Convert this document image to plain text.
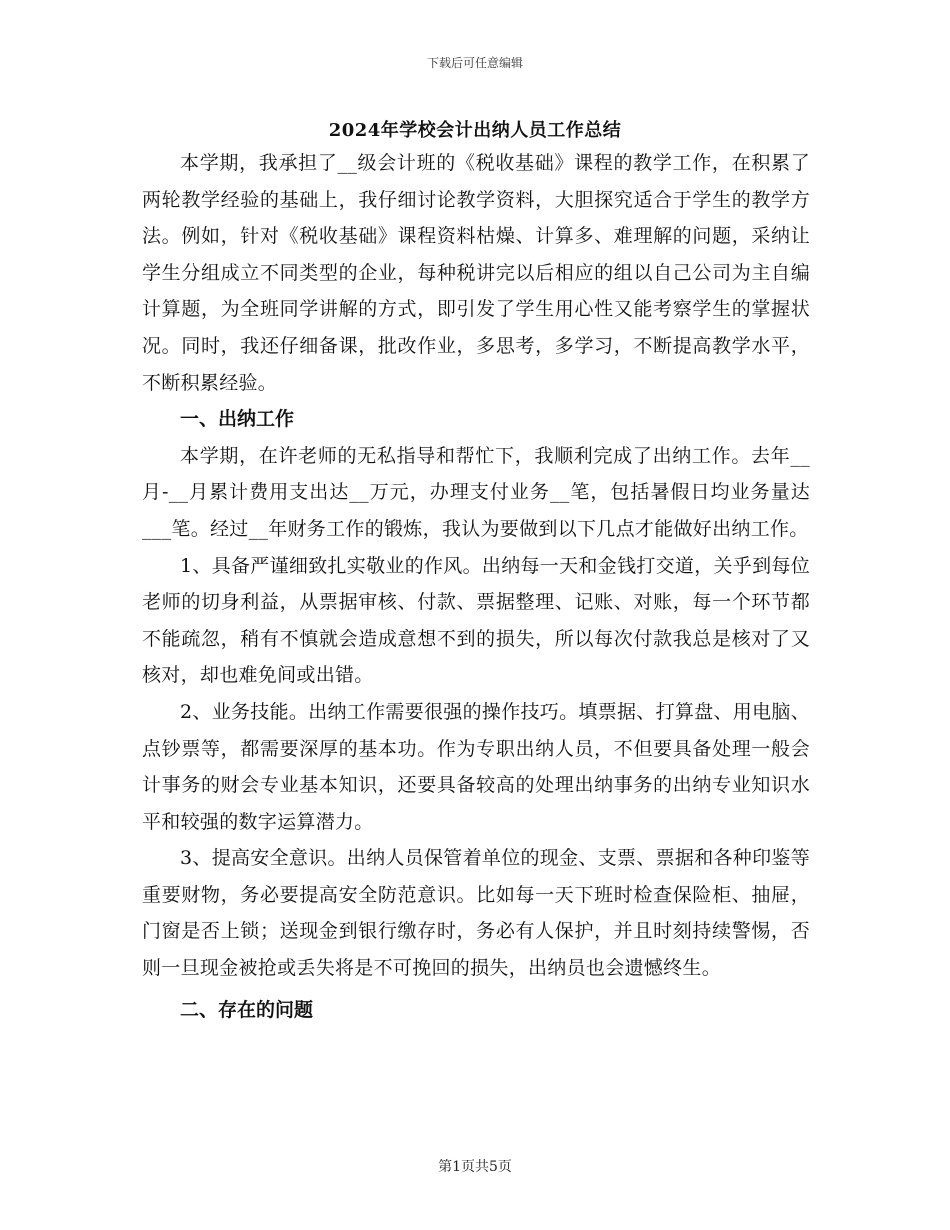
下载后可任意编辑
2024年学校会计出纳人员工作总结

本学期，我承担了__级会计班的《税收基础》课程的教学工作，在积累了两轮教学经验的基础上，我仔细讨论教学资料，大胆探究适合于学生的教学方法。例如，针对《税收基础》课程资料枯燥、计算多、难理解的问题，采纳让学生分组成立不同类型的企业，每种税讲完以后相应的组以自己公司为主自编计算题，为全班同学讲解的方式，即引发了学生用心性又能考察学生的掌握状况。同时，我还仔细备课，批改作业，多思考，多学习，不断提高教学水平，不断积累经验。

一、出纳工作

本学期，在许老师的无私指导和帮忙下，我顺利完成了出纳工作。去年__月-__月累计费用支出达__万元，办理支付业务__笔，包括暑假日均业务量达___笔。经过__年财务工作的锻炼，我认为要做到以下几点才能做好出纳工作。

1、具备严谨细致扎实敬业的作风。出纳每一天和金钱打交道，关乎到每位老师的切身利益，从票据审核、付款、票据整理、记账、对账，每一个环节都不能疏忽，稍有不慎就会造成意想不到的损失，所以每次付款我总是核对了又核对，却也难免间或出错。

2、业务技能。出纳工作需要很强的操作技巧。填票据、打算盘、用电脑、点钞票等，都需要深厚的基本功。作为专职出纳人员，不但要具备处理一般会计事务的财会专业基本知识，还要具备较高的处理出纳事务的出纳专业知识水平和较强的数字运算潜力。

3、提高安全意识。出纳人员保管着单位的现金、支票、票据和各种印鉴等重要财物，务必要提高安全防范意识。比如每一天下班时检查保险柜、抽屉，门窗是否上锁；送现金到银行缴存时，务必有人保护，并且时刻持续警惕，否则一旦现金被抢或丢失将是不可挽回的损失，出纳员也会遗憾终生。

二、存在的问题

第1页共5页
